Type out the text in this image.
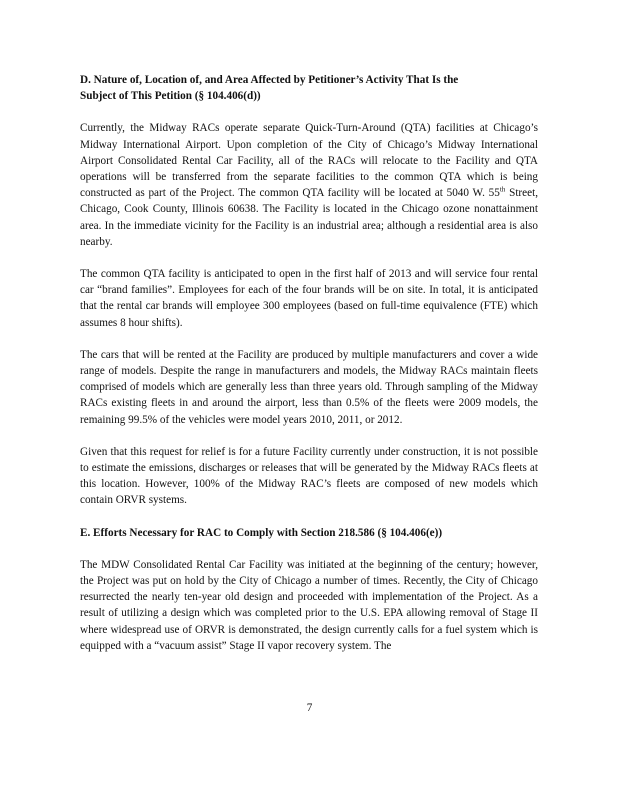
D. Nature of, Location of, and Area Affected by Petitioner’s Activity That Is the
Subject of This Petition (§ 104.406(d))

Currently, the Midway RACs operate separate Quick-Turn-Around (QTA) facilities at Chicago’s Midway International Airport. Upon completion of the City of Chicago’s Midway International Airport Consolidated Rental Car Facility, all of the RACs will relocate to the Facility and QTA operations will be transferred from the separate facilities to the common QTA which is being constructed as part of the Project. The common QTA facility will be located at 5040 W. 55th Street, Chicago, Cook County, Illinois 60638. The Facility is located in the Chicago ozone nonattainment area. In the immediate vicinity for the Facility is an industrial area; although a residential area is also nearby.

The common QTA facility is anticipated to open in the first half of 2013 and will service four rental car “brand families”. Employees for each of the four brands will be on site. In total, it is anticipated that the rental car brands will employee 300 employees (based on full-time equivalence (FTE) which assumes 8 hour shifts).

The cars that will be rented at the Facility are produced by multiple manufacturers and cover a wide range of models. Despite the range in manufacturers and models, the Midway RACs maintain fleets comprised of models which are generally less than three years old. Through sampling of the Midway RACs existing fleets in and around the airport, less than 0.5% of the fleets were 2009 models, the remaining 99.5% of the vehicles were model years 2010, 2011, or 2012.

Given that this request for relief is for a future Facility currently under construction, it is not possible to estimate the emissions, discharges or releases that will be generated by the Midway RACs fleets at this location. However, 100% of the Midway RAC’s fleets are composed of new models which contain ORVR systems.

E. Efforts Necessary for RAC to Comply with Section 218.586 (§ 104.406(e))

The MDW Consolidated Rental Car Facility was initiated at the beginning of the century; however, the Project was put on hold by the City of Chicago a number of times. Recently, the City of Chicago resurrected the nearly ten-year old design and proceeded with implementation of the Project. As a result of utilizing a design which was completed prior to the U.S. EPA allowing removal of Stage II where widespread use of ORVR is demonstrated, the design currently calls for a fuel system which is equipped with a “vacuum assist” Stage II vapor recovery system. The

7
